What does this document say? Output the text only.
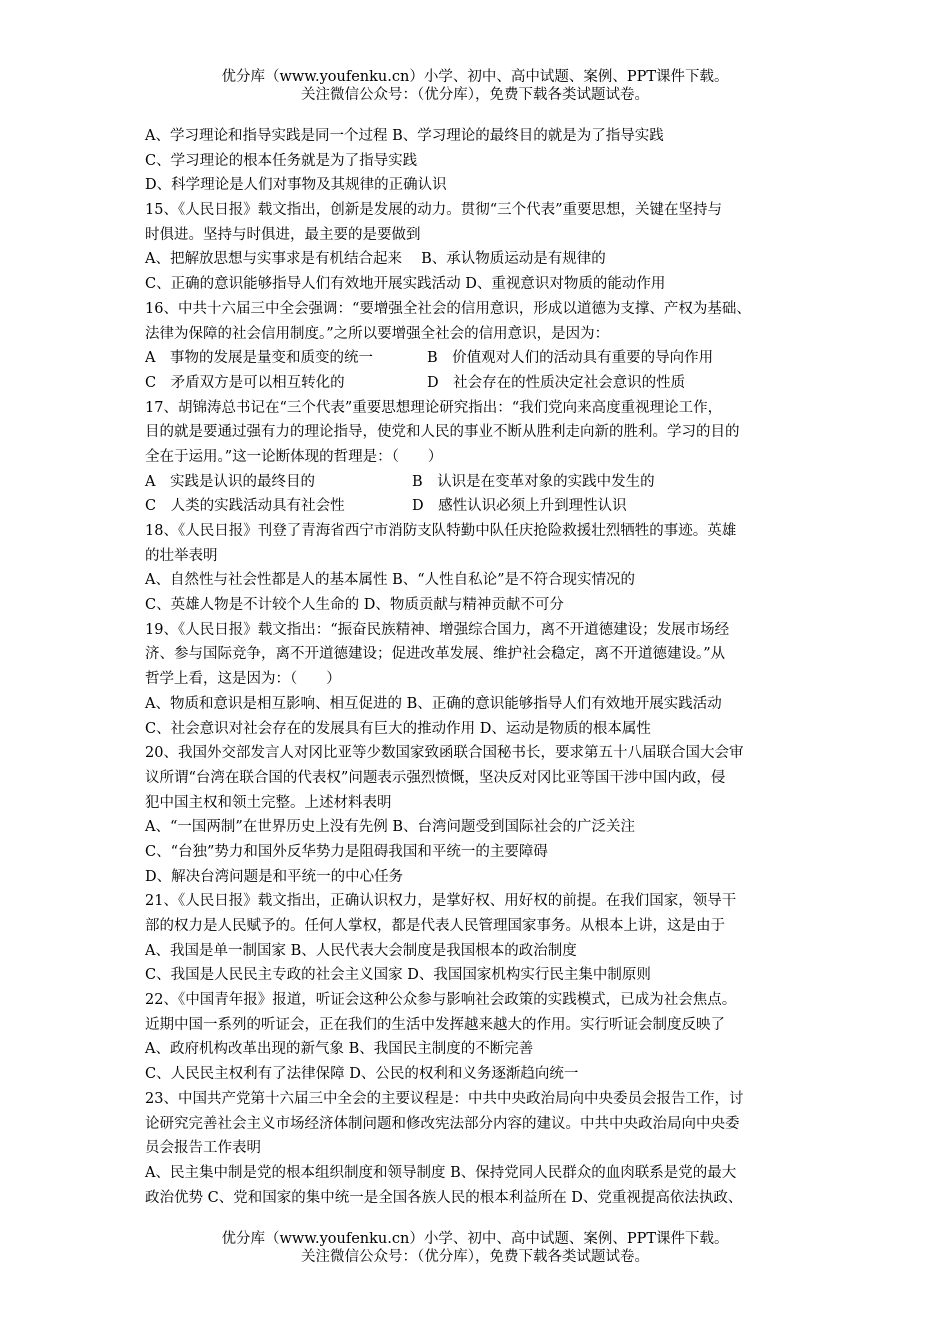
优分库（www.youfenku.cn）小学、初中、高中试题、案例、PPT课件下载。
关注微信公众号：（优分库），免费下载各类试题试卷。
A、学习理论和指导实践是同一个过程 B、学习理论的最终目的就是为了指导实践
C、学习理论的根本任务就是为了指导实践
D、科学理论是人们对事物及其规律的正确认识
15、《人民日报》载文指出，创新是发展的动力。贯彻“三个代表”重要思想，关键在坚持与
时俱进。坚持与时俱进，最主要的是要做到
A、把解放思想与实事求是有机结合起来 　B、承认物质运动是有规律的
C、正确的意识能够指导人们有效地开展实践活动 D、重视意识对物质的能动作用
16、中共十六届三中全会强调：“要增强全社会的信用意识，形成以道德为支撑、产权为基础、
法律为保障的社会信用制度。”之所以要增强全社会的信用意识，是因为：
A　事物的发展是量变和质变的统一	B　价值观对人们的活动具有重要的导向作用
C　矛盾双方是可以相互转化的	D　社会存在的性质决定社会意识的性质
17、胡锦涛总书记在“三个代表”重要思想理论研究指出：“我们党向来高度重视理论工作，
目的就是要通过强有力的理论指导，使党和人民的事业不断从胜利走向新的胜利。学习的目的
全在于运用。”这一论断体现的哲理是：（　　）
A　实践是认识的最终目的	B　认识是在变革对象的实践中发生的
C　人类的实践活动具有社会性	D　感性认识必须上升到理性认识
18、《人民日报》刊登了青海省西宁市消防支队特勤中队任庆抢险救援壮烈牺牲的事迹。英雄
的壮举表明
A、自然性与社会性都是人的基本属性 B、“人性自私论”是不符合现实情况的
C、英雄人物是不计较个人生命的 D、物质贡献与精神贡献不可分
19、《人民日报》载文指出：“振奋民族精神、增强综合国力，离不开道德建设；发展市场经
济、参与国际竞争，离不开道德建设；促进改革发展、维护社会稳定，离不开道德建设。”从
哲学上看，这是因为：（　　）
A、物质和意识是相互影响、相互促进的 B、正确的意识能够指导人们有效地开展实践活动
C、社会意识对社会存在的发展具有巨大的推动作用 D、运动是物质的根本属性
20、我国外交部发言人对冈比亚等少数国家致函联合国秘书长，要求第五十八届联合国大会审
议所谓“台湾在联合国的代表权”问题表示强烈愤慨，坚决反对冈比亚等国干涉中国内政，侵
犯中国主权和领土完整。上述材料表明
A、“一国两制”在世界历史上没有先例 B、台湾问题受到国际社会的广泛关注
C、“台独”势力和国外反华势力是阻碍我国和平统一的主要障碍
D、解决台湾问题是和平统一的中心任务
21、《人民日报》载文指出，正确认识权力，是掌好权、用好权的前提。在我们国家，领导干
部的权力是人民赋予的。任何人掌权，都是代表人民管理国家事务。从根本上讲，这是由于
A、我国是单一制国家 B、人民代表大会制度是我国根本的政治制度
C、我国是人民民主专政的社会主义国家 D、我国国家机构实行民主集中制原则
22、《中国青年报》报道，听证会这种公众参与影响社会政策的实践模式，已成为社会焦点。
近期中国一系列的听证会，正在我们的生活中发挥越来越大的作用。实行听证会制度反映了
A、政府机构改革出现的新气象 B、我国民主制度的不断完善
C、人民民主权利有了法律保障 D、公民的权利和义务逐渐趋向统一
23、中国共产党第十六届三中全会的主要议程是：中共中央政治局向中央委员会报告工作，讨
论研究完善社会主义市场经济体制问题和修改宪法部分内容的建议。中共中央政治局向中央委
员会报告工作表明
A、民主集中制是党的根本组织制度和领导制度 B、保持党同人民群众的血肉联系是党的最大
政治优势 C、党和国家的集中统一是全国各族人民的根本利益所在 D、党重视提高依法执政、
优分库（www.youfenku.cn）小学、初中、高中试题、案例、PPT课件下载。
关注微信公众号：（优分库），免费下载各类试题试卷。
